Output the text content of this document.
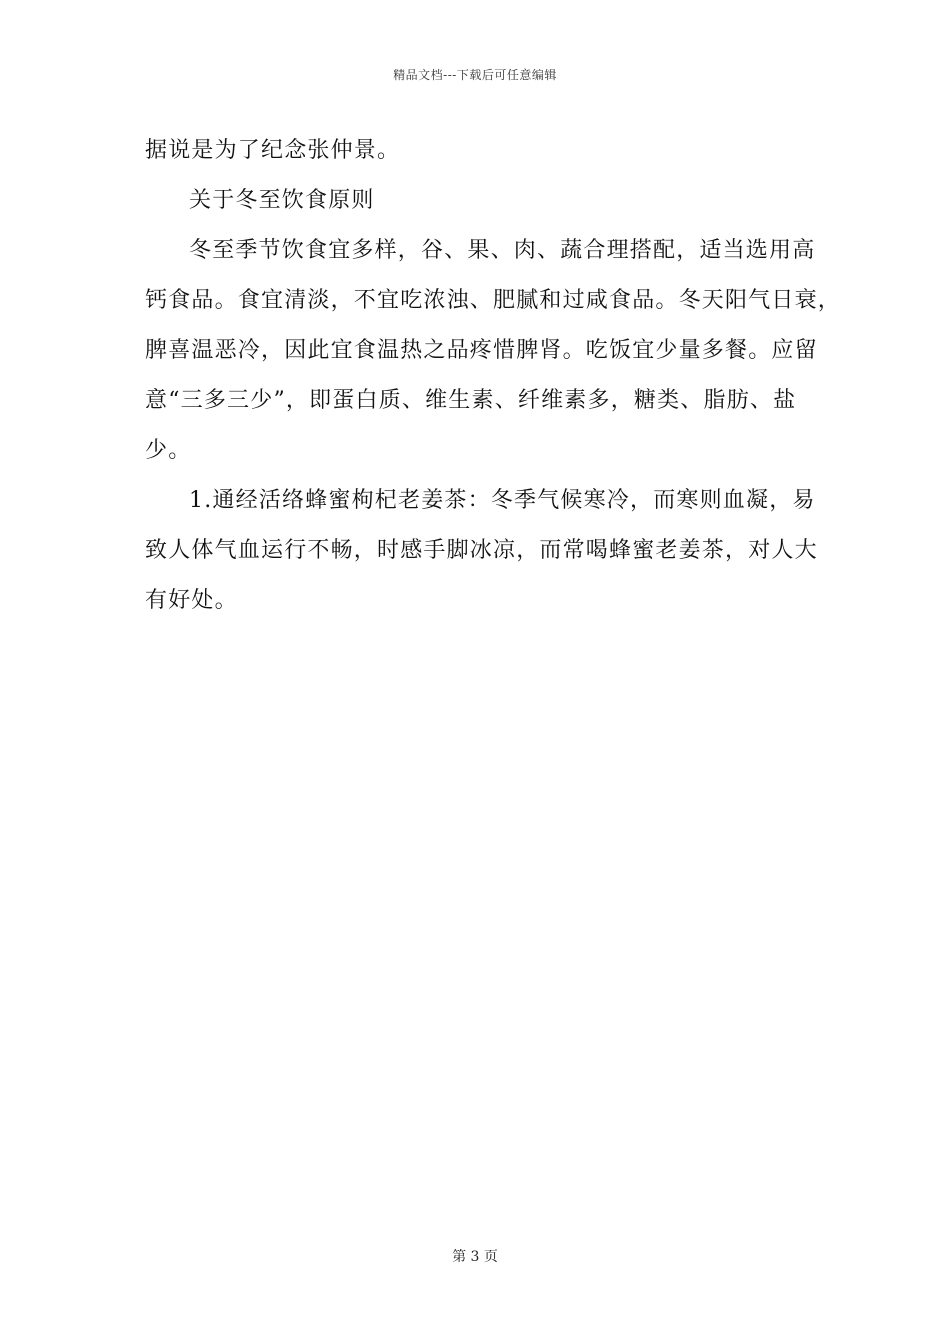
精品文档---下载后可任意编辑
据说是为了纪念张仲景。
关于冬至饮食原则
冬至季节饮食宜多样，谷、果、肉、蔬合理搭配，适当选用高
钙食品。食宜清淡，不宜吃浓浊、肥腻和过咸食品。冬天阳气日衰，
脾喜温恶冷，因此宜食温热之品疼惜脾肾。吃饭宜少量多餐。应留
意“三多三少”，即蛋白质、维生素、纤维素多，糖类、脂肪、盐
少。
1.通经活络蜂蜜枸杞老姜茶：冬季气候寒冷，而寒则血凝，易
致人体气血运行不畅，时感手脚冰凉，而常喝蜂蜜老姜茶，对人大
有好处。
第 3 页
